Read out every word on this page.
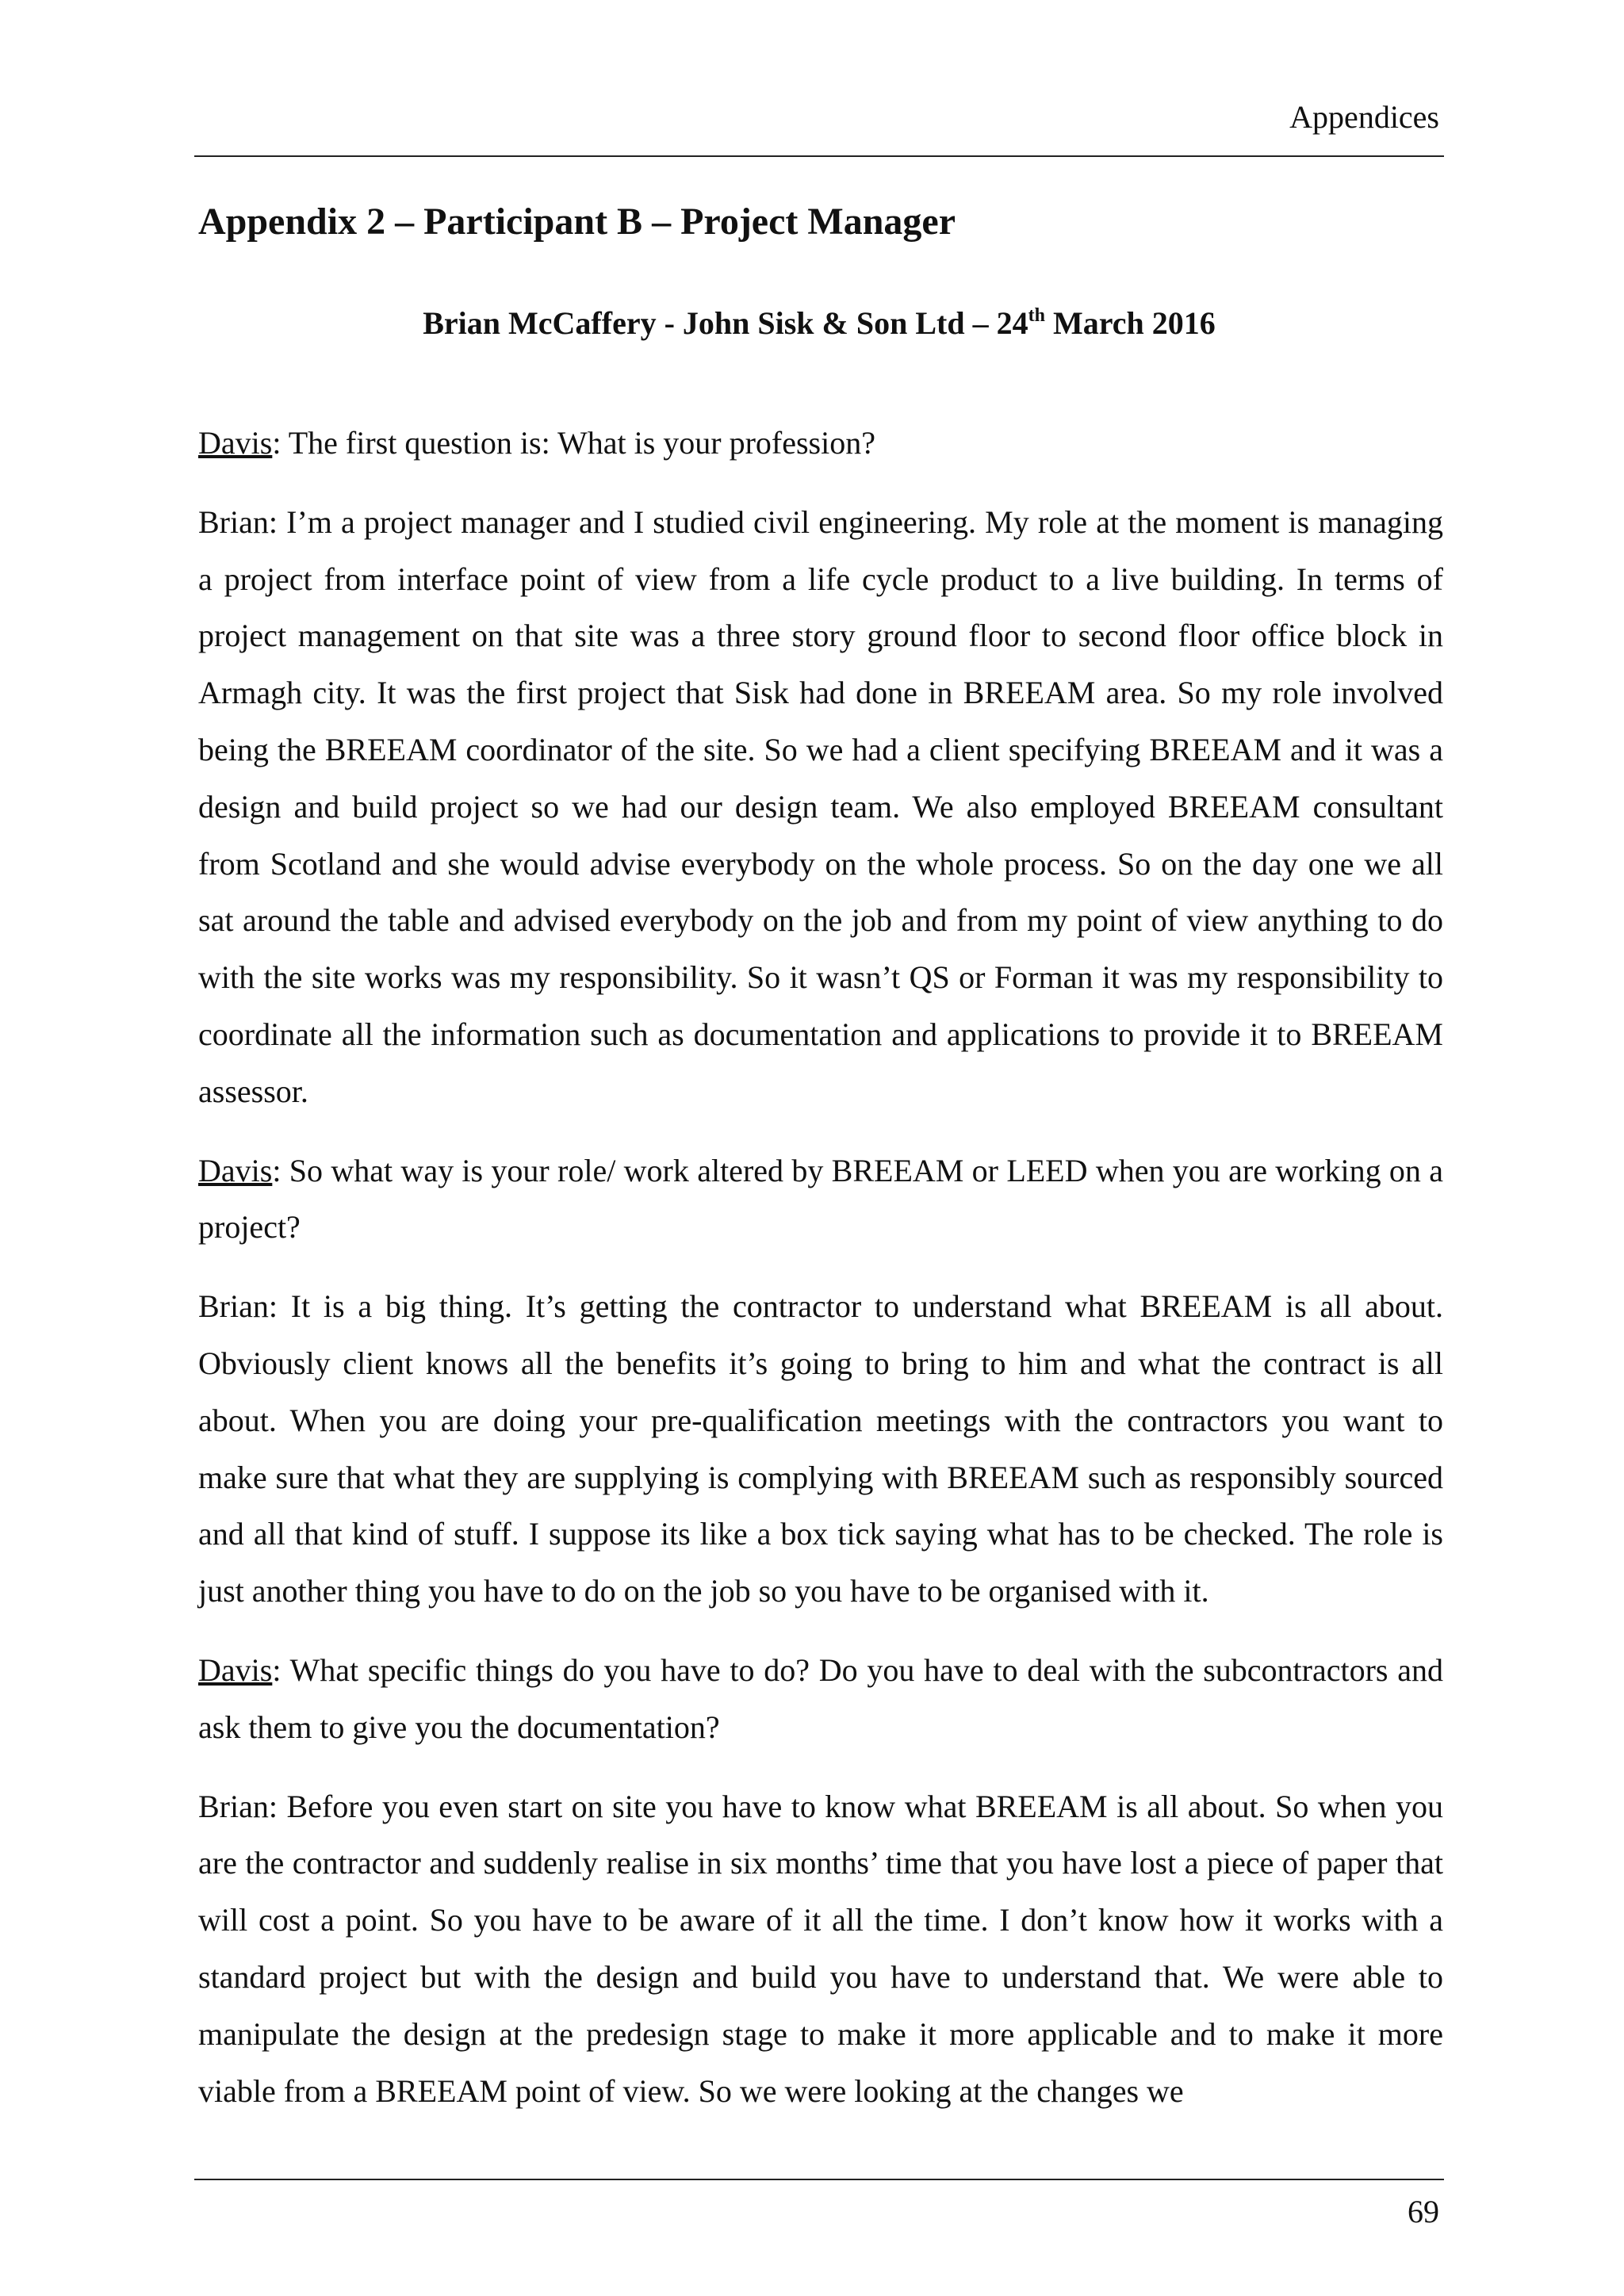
Appendices
Appendix 2 – Participant B – Project Manager
Brian McCaffery - John Sisk & Son Ltd – 24th March 2016

Davis: The first question is: What is your profession?

Brian: I’m a project manager and I studied civil engineering. My role at the moment is managing a project from interface point of view from a life cycle product to a live building. In terms of project management on that site was a three story ground floor to second floor office block in Armagh city. It was the first project that Sisk had done in BREEAM area. So my role involved being the BREEAM coordinator of the site. So we had a client specifying BREEAM and it was a design and build project so we had our design team. We also employed BREEAM consultant from Scotland and she would advise everybody on the whole process. So on the day one we all sat around the table and advised everybody on the job and from my point of view anything to do with the site works was my responsibility. So it wasn’t QS or Forman it was my responsibility to coordinate all the information such as documentation and applications to provide it to BREEAM assessor.

Davis: So what way is your role/ work altered by BREEAM or LEED when you are working on a project?

Brian: It is a big thing. It’s getting the contractor to understand what BREEAM is all about. Obviously client knows all the benefits it’s going to bring to him and what the contract is all about. When you are doing your pre-qualification meetings with the contractors you want to make sure that what they are supplying is complying with BREEAM such as responsibly sourced and all that kind of stuff. I suppose its like a box tick saying what has to be checked. The role is just another thing you have to do on the job so you have to be organised with it.

Davis: What specific things do you have to do? Do you have to deal with the subcontractors and ask them to give you the documentation?

Brian: Before you even start on site you have to know what BREEAM is all about. So when you are the contractor and suddenly realise in six months’ time that you have lost a piece of paper that will cost a point. So you have to be aware of it all the time. I don’t know how it works with a standard project but with the design and build you have to understand that. We were able to manipulate the design at the predesign stage to make it more applicable and to make it more viable from a BREEAM point of view. So we were looking at the changes we

69
